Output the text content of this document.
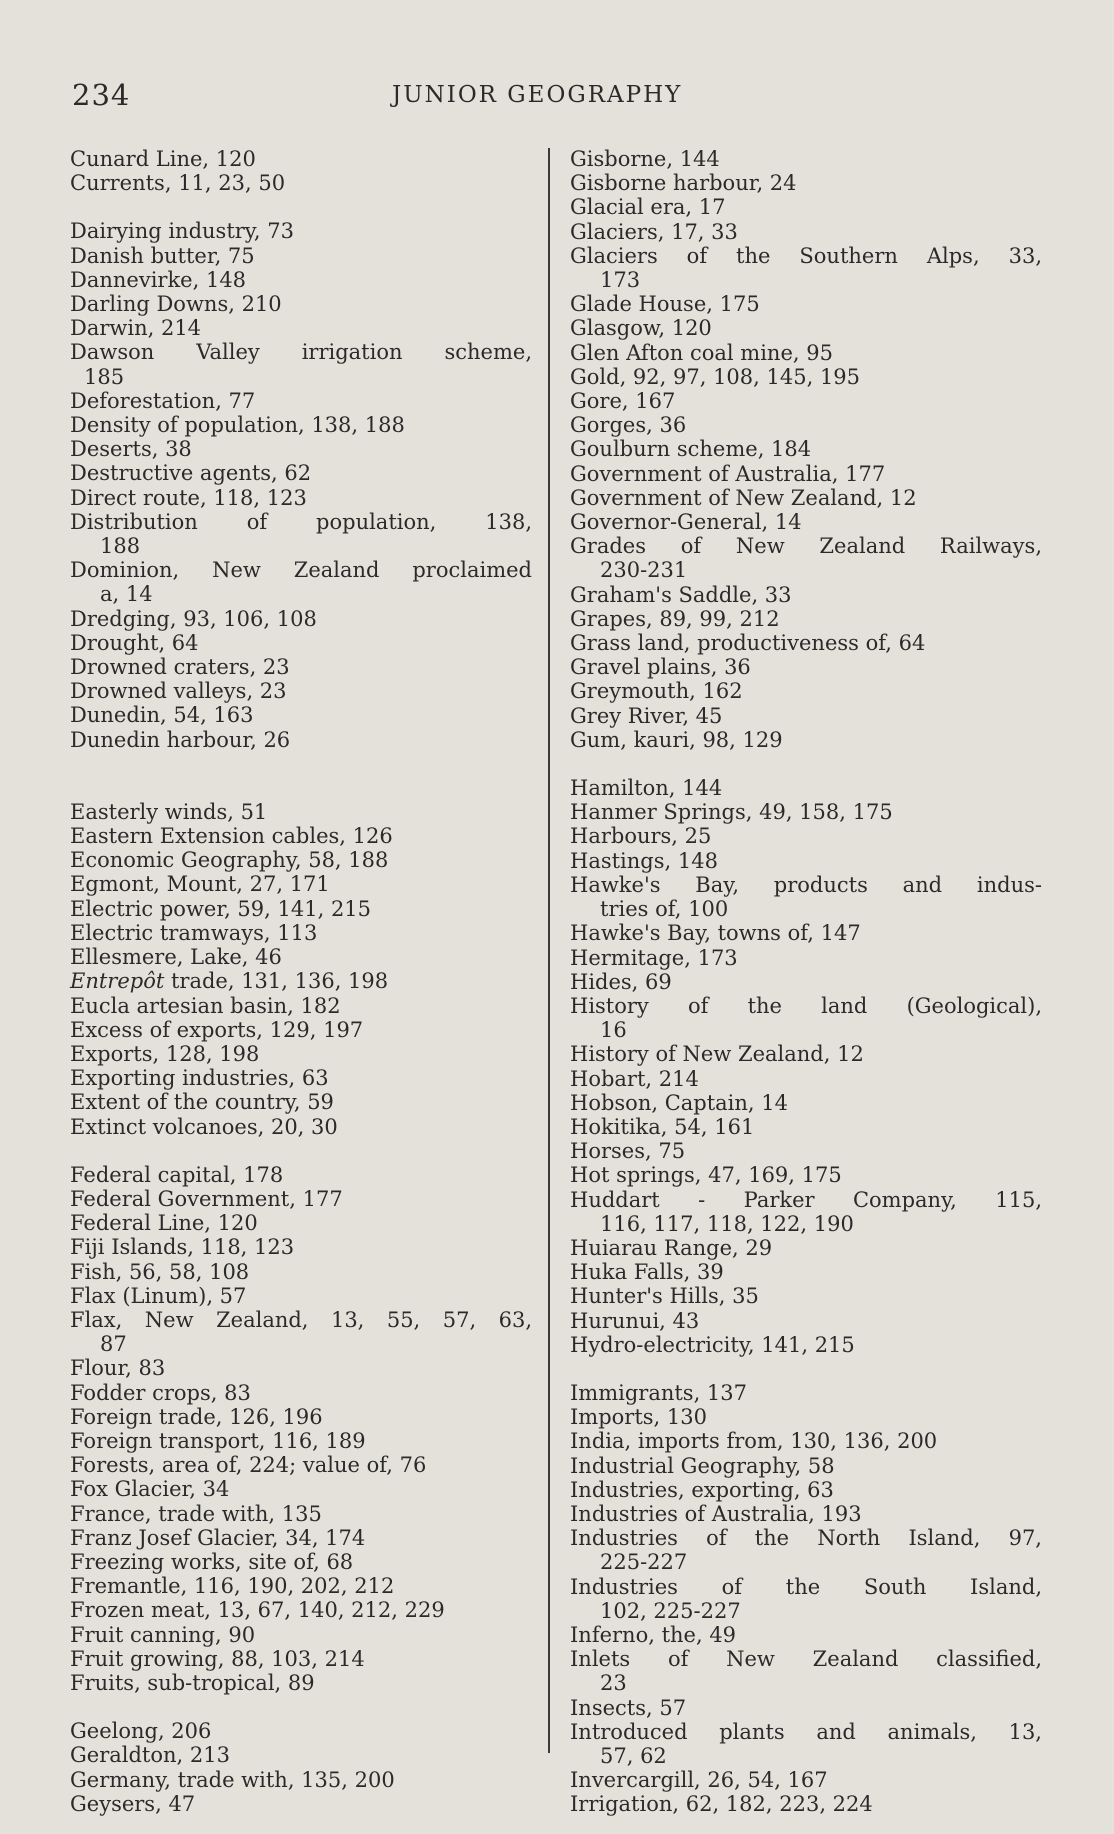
234	JUNIOR GEOGRAPHY
Cunard Line, 120
Currents, 11, 23, 50
Dairying industry, 73
Danish butter, 75
Dannevirke, 148
Darling Downs, 210
Darwin, 214
Dawson Valley irrigation scheme,
185
Deforestation, 77
Density of population, 138, 188
Deserts, 38
Destructive agents, 62
Direct route, 118, 123
Distribution of population, 138,
188
Dominion, New Zealand proclaimed
a, 14
Dredging, 93, 106, 108
Drought, 64
Drowned craters, 23
Drowned valleys, 23
Dunedin, 54, 163
Dunedin harbour, 26
Easterly winds, 51
Eastern Extension cables, 126
Economic Geography, 58, 188
Egmont, Mount, 27, 171
Electric power, 59, 141, 215
Electric tramways, 113
Ellesmere, Lake, 46
Entrepôt trade, 131, 136, 198
Eucla artesian basin, 182
Excess of exports, 129, 197
Exports, 128, 198
Exporting industries, 63
Extent of the country, 59
Extinct volcanoes, 20, 30
Federal capital, 178
Federal Government, 177
Federal Line, 120
Fiji Islands, 118, 123
Fish, 56, 58, 108
Flax (Linum), 57
Flax, New Zealand, 13, 55, 57, 63,
87
Flour, 83
Fodder crops, 83
Foreign trade, 126, 196
Foreign transport, 116, 189
Forests, area of, 224; value of, 76
Fox Glacier, 34
France, trade with, 135
Franz Josef Glacier, 34, 174
Freezing works, site of, 68
Fremantle, 116, 190, 202, 212
Frozen meat, 13, 67, 140, 212, 229
Fruit canning, 90
Fruit growing, 88, 103, 214
Fruits, sub-tropical, 89
Geelong, 206
Geraldton, 213
Germany, trade with, 135, 200
Geysers, 47
Gisborne, 144
Gisborne harbour, 24
Glacial era, 17
Glaciers, 17, 33
Glaciers of the Southern Alps, 33,
173
Glade House, 175
Glasgow, 120
Glen Afton coal mine, 95
Gold, 92, 97, 108, 145, 195
Gore, 167
Gorges, 36
Goulburn scheme, 184
Government of Australia, 177
Government of New Zealand, 12
Governor-General, 14
Grades of New Zealand Railways,
230-231
Graham's Saddle, 33
Grapes, 89, 99, 212
Grass land, productiveness of, 64
Gravel plains, 36
Greymouth, 162
Grey River, 45
Gum, kauri, 98, 129
Hamilton, 144
Hanmer Springs, 49, 158, 175
Harbours, 25
Hastings, 148
Hawke's Bay, products and indus-
tries of, 100
Hawke's Bay, towns of, 147
Hermitage, 173
Hides, 69
History of the land (Geological),
16
History of New Zealand, 12
Hobart, 214
Hobson, Captain, 14
Hokitika, 54, 161
Horses, 75
Hot springs, 47, 169, 175
Huddart - Parker Company, 115,
116, 117, 118, 122, 190
Huiarau Range, 29
Huka Falls, 39
Hunter's Hills, 35
Hurunui, 43
Hydro-electricity, 141, 215
Immigrants, 137
Imports, 130
India, imports from, 130, 136, 200
Industrial Geography, 58
Industries, exporting, 63
Industries of Australia, 193
Industries of the North Island, 97,
225-227
Industries of the South Island,
102, 225-227
Inferno, the, 49
Inlets of New Zealand classified,
23
Insects, 57
Introduced plants and animals, 13,
57, 62
Invercargill, 26, 54, 167
Irrigation, 62, 182, 223, 224
